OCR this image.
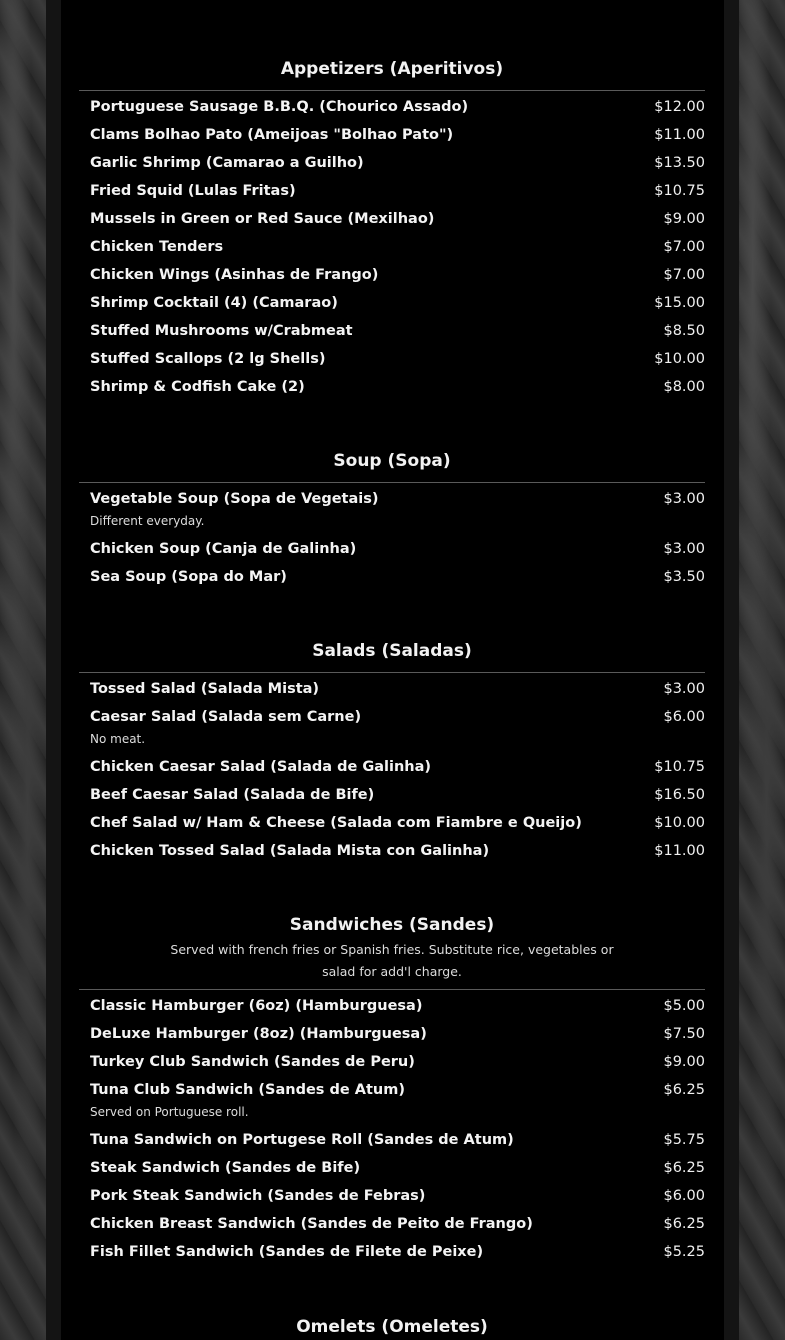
Appetizers (Aperitivos)
Portuguese Sausage B.B.Q. (Chourico Assado)	$12.00
Clams Bolhao Pato (Ameijoas "Bolhao Pato")	$11.00
Garlic Shrimp (Camarao a Guilho)	$13.50
Fried Squid (Lulas Fritas)	$10.75
Mussels in Green or Red Sauce (Mexilhao)	$9.00
Chicken Tenders	$7.00
Chicken Wings (Asinhas de Frango)	$7.00
Shrimp Cocktail (4) (Camarao)	$15.00
Stuffed Mushrooms w/Crabmeat	$8.50
Stuffed Scallops (2 lg Shells)	$10.00
Shrimp & Codfish Cake (2)	$8.00
Soup (Sopa)
Vegetable Soup (Sopa de Vegetais)	$3.00
Different everyday.
Chicken Soup (Canja de Galinha)	$3.00
Sea Soup (Sopa do Mar)	$3.50
Salads (Saladas)
Tossed Salad (Salada Mista)	$3.00
Caesar Salad (Salada sem Carne)	$6.00
No meat.
Chicken Caesar Salad (Salada de Galinha)	$10.75
Beef Caesar Salad (Salada de Bife)	$16.50
Chef Salad w/ Ham & Cheese (Salada com Fiambre e Queijo)	$10.00
Chicken Tossed Salad (Salada Mista con Galinha)	$11.00
Sandwiches (Sandes)

Served with french fries or Spanish fries. Substitute rice, vegetables or salad for add'l charge.

Classic Hamburger (6oz) (Hamburguesa)	$5.00
DeLuxe Hamburger (8oz) (Hamburguesa)	$7.50
Turkey Club Sandwich (Sandes de Peru)	$9.00
Tuna Club Sandwich (Sandes de Atum)	$6.25
Served on Portuguese roll.
Tuna Sandwich on Portugese Roll (Sandes de Atum)	$5.75
Steak Sandwich (Sandes de Bife)	$6.25
Pork Steak Sandwich (Sandes de Febras)	$6.00
Chicken Breast Sandwich (Sandes de Peito de Frango)	$6.25
Fish Fillet Sandwich (Sandes de Filete de Peixe)	$5.25
Omelets (Omeletes)
